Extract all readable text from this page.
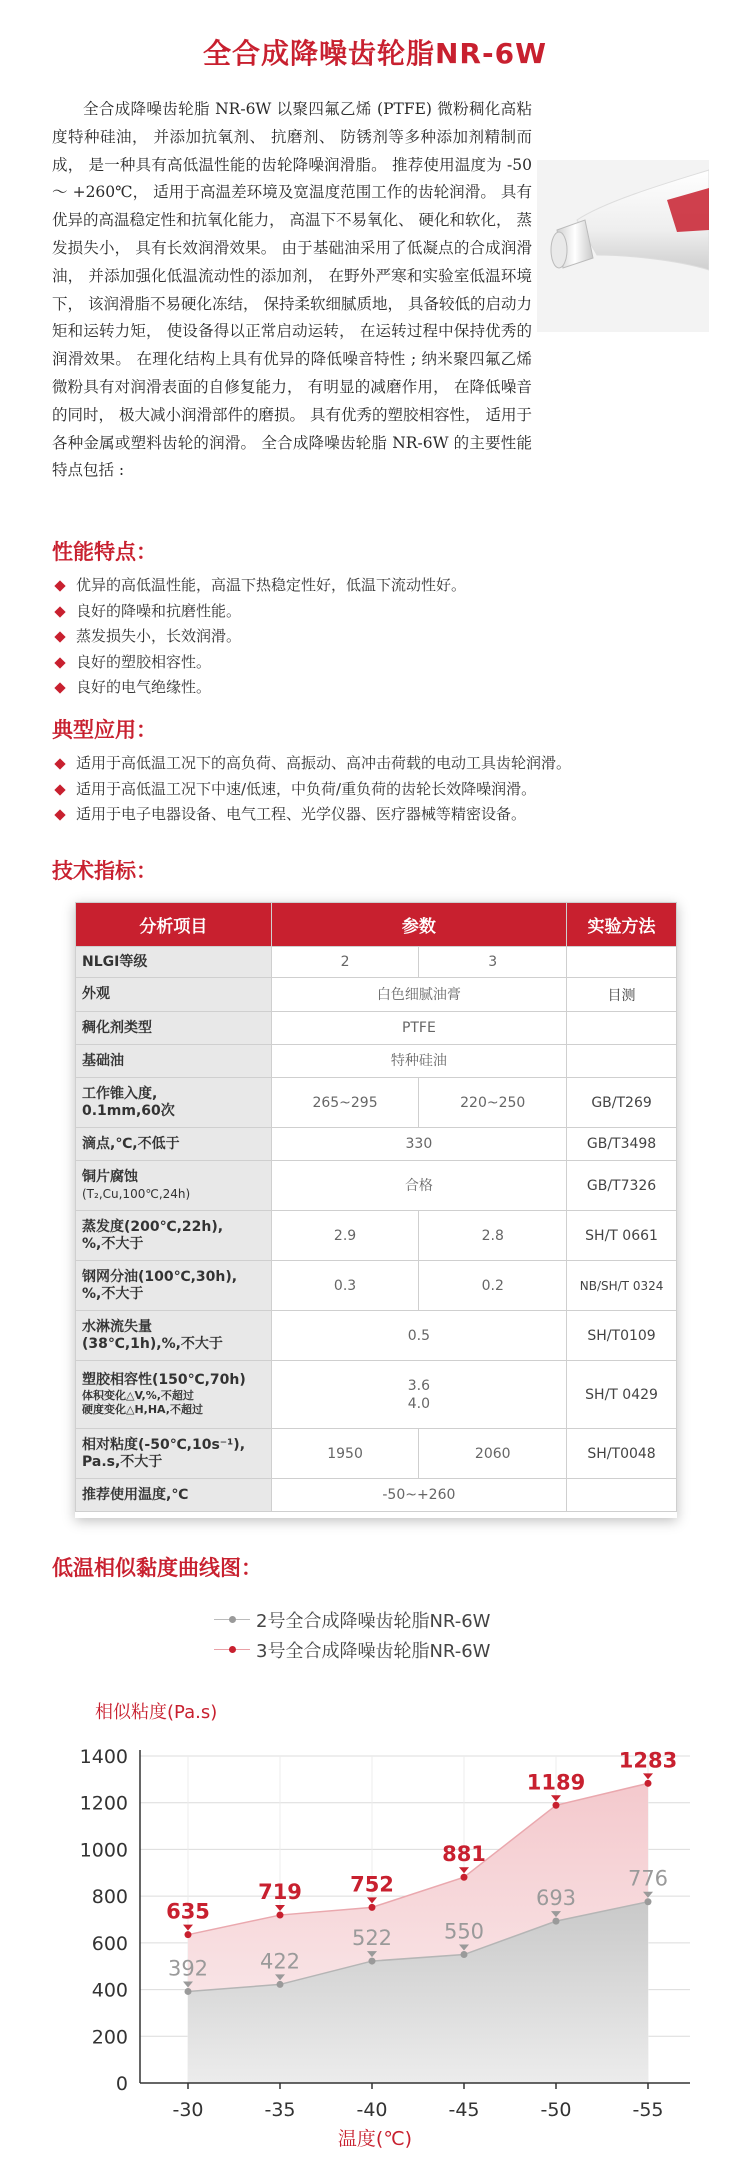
全合成降噪齿轮脂NR-6W
全合成降噪齿轮脂 NR-6W 以聚四氟乙烯 (PTFE) 微粉稠化高粘度特种硅油， 并添加抗氧剂、 抗磨剂、 防锈剂等多种添加剂精制而成， 是一种具有高低温性能的齿轮降噪润滑脂。 推荐使用温度为 -50 ～ +260℃， 适用于高温差环境及宽温度范围工作的齿轮润滑。 具有优异的高温稳定性和抗氧化能力， 高温下不易氧化、 硬化和软化， 蒸发损失小， 具有长效润滑效果。 由于基础油采用了低凝点的合成润滑油， 并添加强化低温流动性的添加剂， 在野外严寒和实验室低温环境下， 该润滑脂不易硬化冻结， 保持柔软细腻质地， 具备较低的启动力矩和运转力矩， 使设备得以正常启动运转， 在运转过程中保持优秀的润滑效果。 在理化结构上具有优异的降低噪音特性 ; 纳米聚四氟乙烯微粉具有对润滑表面的自修复能力， 有明显的减磨作用， 在降低噪音的同时， 极大减小润滑部件的磨损。 具有优秀的塑胶相容性， 适用于各种金属或塑料齿轮的润滑。 全合成降噪齿轮脂 NR-6W 的主要性能特点包括 :
性能特点：
优异的高低温性能，高温下热稳定性好，低温下流动性好。
良好的降噪和抗磨性能。
蒸发损失小，长效润滑。
良好的塑胶相容性。
良好的电气绝缘性。
典型应用：
适用于高低温工况下的高负荷、高振动、高冲击荷载的电动工具齿轮润滑。
适用于高低温工况下中速/低速，中负荷/重负荷的齿轮长效降噪润滑。
适用于电子电器设备、电气工程、光学仪器、医疗器械等精密设备。
技术指标：
分析项目	参数		实验方法
NLGI等级	2	3	
外观	白色细腻油膏		目测
稠化剂类型	PTFE		
基础油	特种硅油		
工作锥入度,
0.1mm,60次	265~295	220~250	GB/T269
滴点,℃,不低于	330		GB/T3498
铜片腐蚀
(T₂,Cu,100℃,24h)	合格		GB/T7326
蒸发度(200℃,22h),
%,不大于	2.9	2.8	SH/T 0661
钢网分油(100℃,30h),
%,不大于	0.3	0.2	NB/SH/T 0324
水淋流失量
(38℃,1h),%,不大于	0.5		SH/T0109
塑胶相容性(150℃,70h)
体积变化△V,%,不超过
硬度变化△H,HA,不超过	3.6
4.0		SH/T 0429
相对粘度(-50℃,10s⁻¹),
Pa.s,不大于	1950	2060	SH/T0048
推荐使用温度,℃	-50~+260		
低温相似黏度曲线图：
2号全合成降噪齿轮脂NR-6W
3号全合成降噪齿轮脂NR-6W
相似粘度(Pa.s)
392 422
522 550
693
776
635
719 752
881
1189
1283
0
200
400
600
800
1000
1200
1400
-30	-35	-40	-45	-50	-55
温度(℃)
